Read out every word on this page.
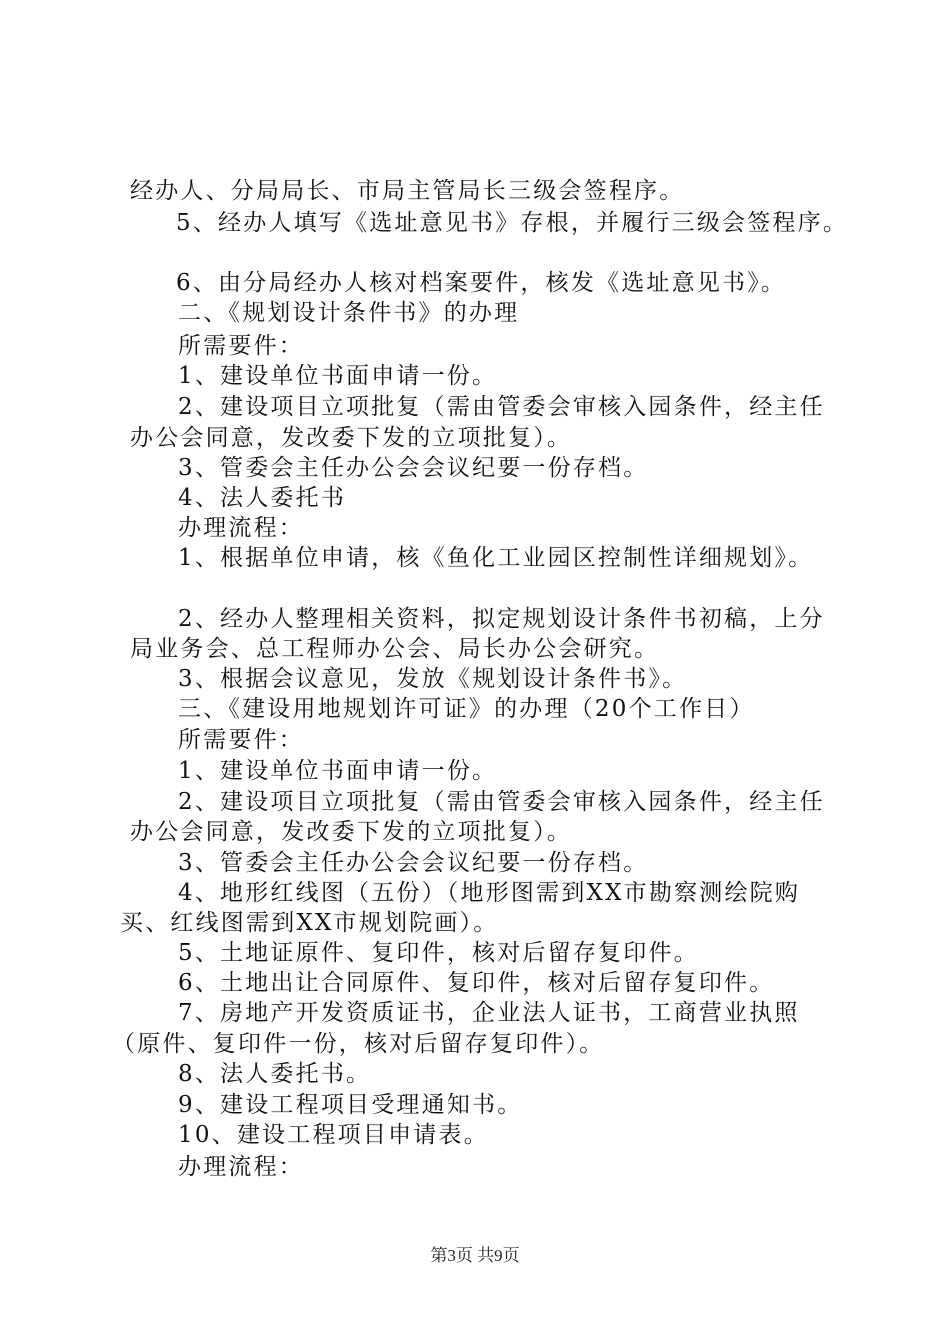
经办人、分局局长、市局主管局长三级会签程序。
5、经办人填写《选址意见书》存根，并履行三级会签程序。
6、由分局经办人核对档案要件，核发《选址意见书》。
二、《规划设计条件书》的办理
所需要件：
1、建设单位书面申请一份。
2、建设项目立项批复（需由管委会审核入园条件，经主任
办公会同意，发改委下发的立项批复）。
3、管委会主任办公会会议纪要一份存档。
4、法人委托书
办理流程：
1、根据单位申请，核《鱼化工业园区控制性详细规划》。
2、经办人整理相关资料，拟定规划设计条件书初稿，上分
局业务会、总工程师办公会、局长办公会研究。
3、根据会议意见，发放《规划设计条件书》。
三、《建设用地规划许可证》的办理（20个工作日）
所需要件：
1、建设单位书面申请一份。
2、建设项目立项批复（需由管委会审核入园条件，经主任
办公会同意，发改委下发的立项批复）。
3、管委会主任办公会会议纪要一份存档。
4、地形红线图（五份）（地形图需到XX市勘察测绘院购
买、红线图需到XX市规划院画）。
5、土地证原件、复印件，核对后留存复印件。
6、土地出让合同原件、复印件，核对后留存复印件。
7、房地产开发资质证书，企业法人证书，工商营业执照
（原件、复印件一份，核对后留存复印件）。
8、法人委托书。
9、建设工程项目受理通知书。
10、建设工程项目申请表。
办理流程：
第3页 共9页
